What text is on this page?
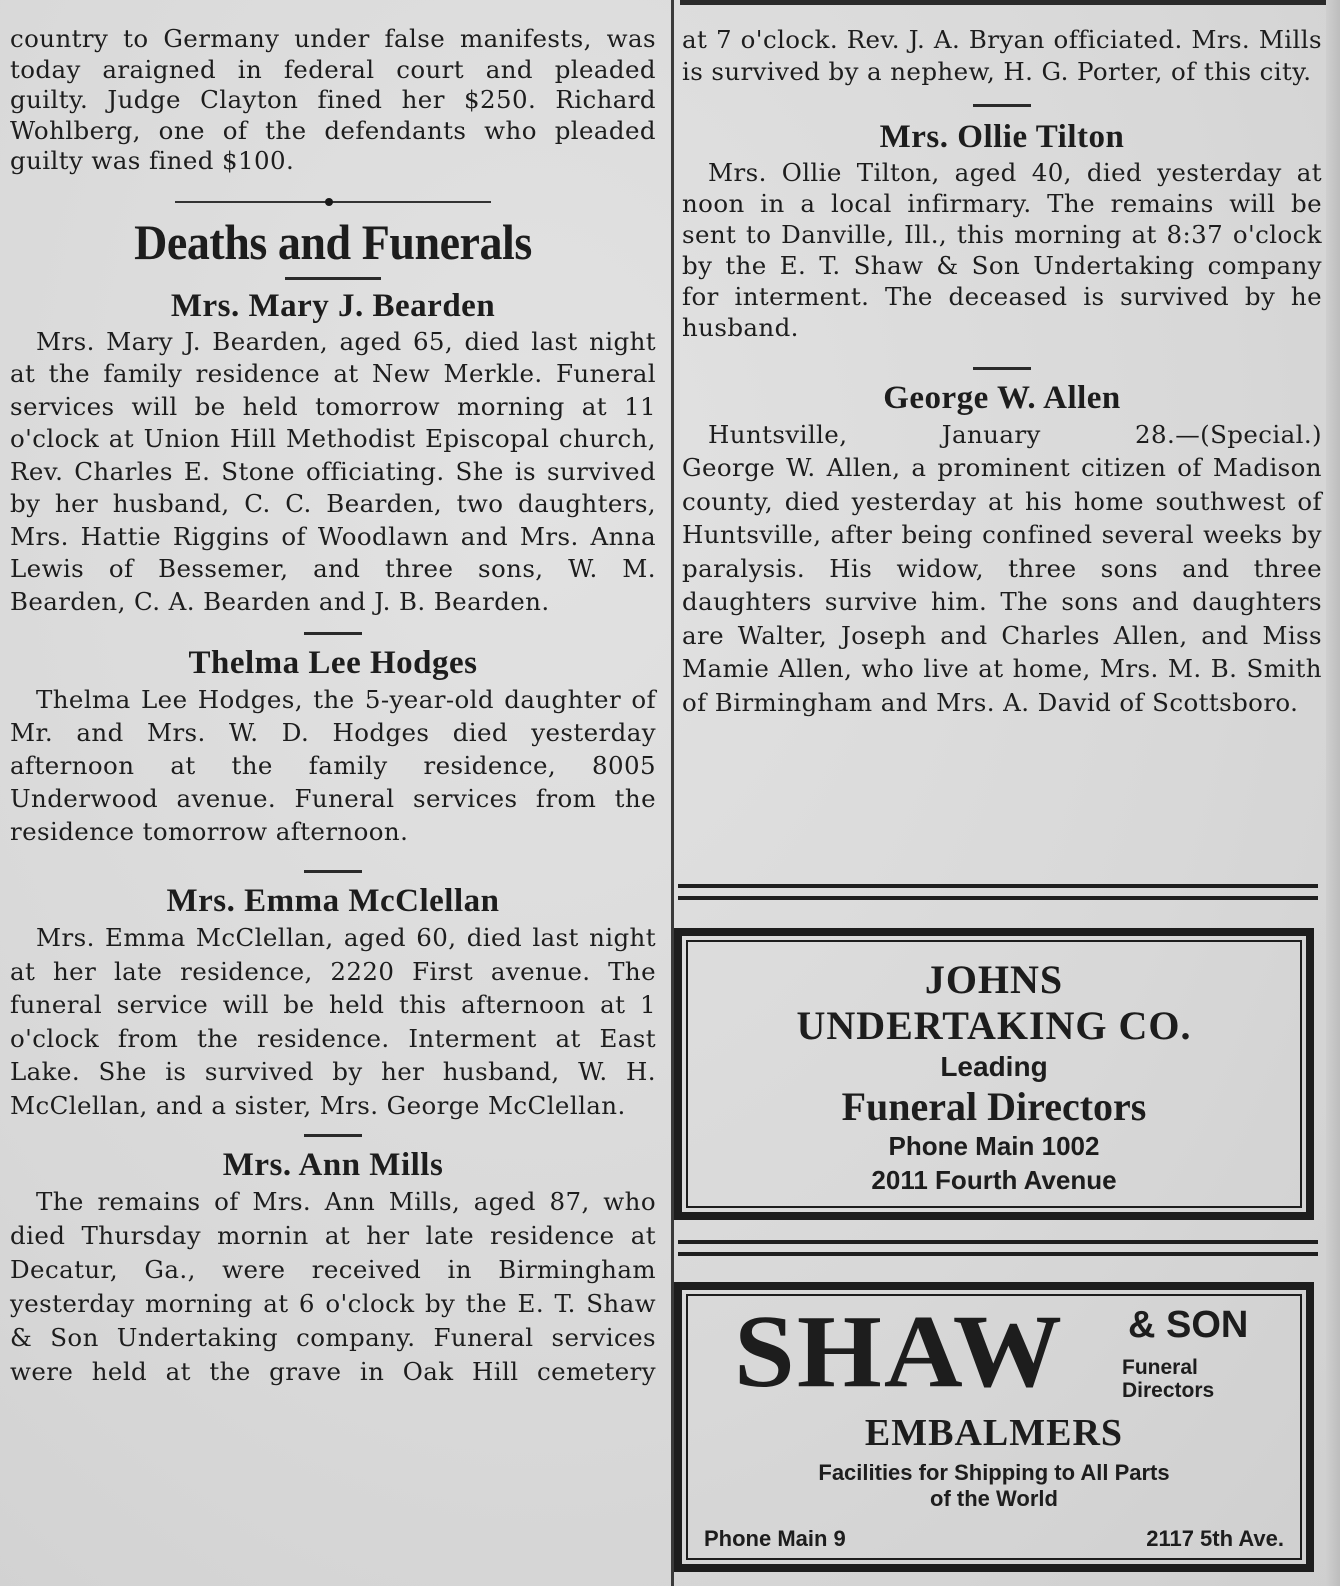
country to Germany under false manifests, was today araigned in federal court and pleaded guilty. Judge Clayton fined her $250. Richard Wohlberg, one of the defendants who pleaded guilty was fined $100.

Deaths and Funerals
Mrs. Mary J. Bearden

Mrs. Mary J. Bearden, aged 65, died last night at the family residence at New Merkle. Funeral services will be held tomorrow morning at 11 o'clock at Union Hill Methodist Episcopal church, Rev. Charles E. Stone officiating. She is survived by her husband, C. C. Bearden, two daughters, Mrs. Hattie Riggins of Woodlawn and Mrs. Anna Lewis of Bessemer, and three sons, W. M. Bearden, C. A. Bearden and J. B. Bearden.

Thelma Lee Hodges

Thelma Lee Hodges, the 5-year-old daughter of Mr. and Mrs. W. D. Hodges died yesterday afternoon at the family residence, 8005 Underwood avenue. Funeral services from the residence tomorrow afternoon.

Mrs. Emma McClellan

Mrs. Emma McClellan, aged 60, died last night at her late residence, 2220 First avenue. The funeral service will be held this afternoon at 1 o'clock from the residence. Interment at East Lake. She is survived by her husband, W. H. McClellan, and a sister, Mrs. George McClellan.

Mrs. Ann Mills

The remains of Mrs. Ann Mills, aged 87, who died Thursday mornin at her late residence at Decatur, Ga., were received in Birmingham yesterday morning at 6 o'clock by the E. T. Shaw & Son Undertaking company. Funeral services were held at the grave in Oak Hill cemetery

at 7 o'clock. Rev. J. A. Bryan officiated. Mrs. Mills is survived by a nephew, H. G. Porter, of this city.

Mrs. Ollie Tilton

Mrs. Ollie Tilton, aged 40, died yesterday at noon in a local infirmary. The remains will be sent to Danville, Ill., this morning at 8:37 o'clock by the E. T. Shaw & Son Undertaking company for interment. The deceased is survived by he husband.

George W. Allen

Huntsville, January 28.—(Special.)

George W. Allen, a prominent citizen of Madison county, died yesterday at his home southwest of Huntsville, after being confined several weeks by paralysis. His widow, three sons and three daughters survive him. The sons and daughters are Walter, Joseph and Charles Allen, and Miss Mamie Allen, who live at home, Mrs. M. B. Smith of Birmingham and Mrs. A. David of Scottsboro.

JOHNS
UNDERTAKING CO.
Leading
Funeral Directors
Phone Main 1002
2011 Fourth Avenue
SHAW & SON
Funeral
Directors
EMBALMERS
Facilities for Shipping to All Parts
of the World
Phone Main 9	2117 5th Ave.
